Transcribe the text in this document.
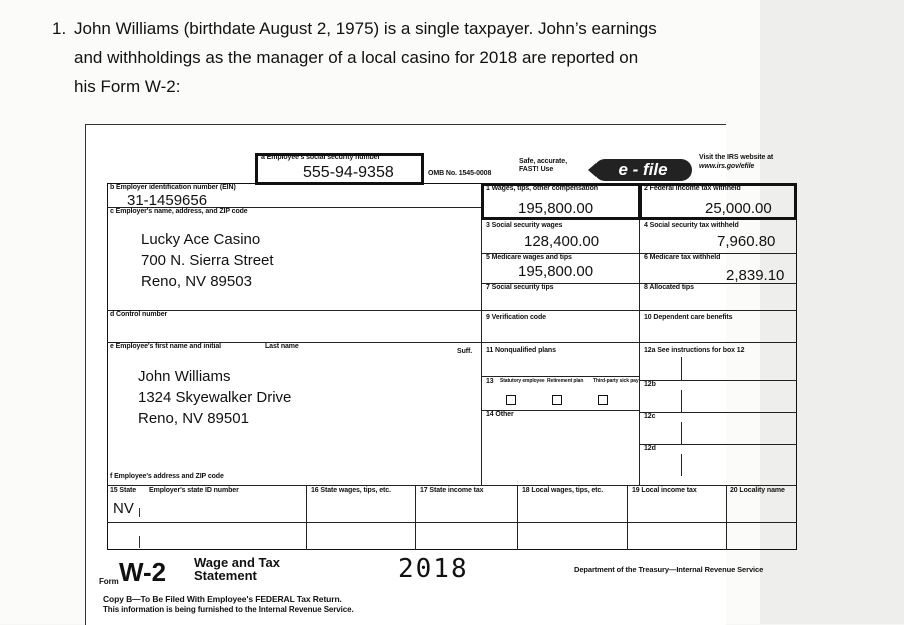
1. John Williams (birthdate August 2, 1975) is a single taxpayer. John’s earnings
and withholdings as the manager of a local casino for 2018 are reported on
his Form W-2:
a Employee's social security number
555-94-9358	OMB No. 1545-0008
Safe, accurate,
FAST! Use	e - file
Visit the IRS website at
www.irs.gov/efile
b Employer identification number (EIN)
31-1459656
c Employer's name, address, and ZIP code
Lucky Ace Casino
700 N. Sierra Street
Reno, NV 89503
d Control number
e Employee's first name and initial	Last name
Suff.
John Williams
1324 Skyewalker Drive
Reno, NV 89501
f Employee's address and ZIP code
1 Wages, tips, other compensation
195,800.00
3 Social security wages
128,400.00
5 Medicare wages and tips
195,800.00
7 Social security tips
9 Verification code
11 Nonqualified plans
13 Statutory employee Retirement plan Third-party sick pay
14 Other
2 Federal income tax withheld
25,000.00
4 Social security tax withheld
7,960.80
6 Medicare tax withheld
2,839.10
8 Allocated tips
10 Dependent care benefits
12a See instructions for box 12
12b
12c
12d
15 State Employer's state ID number
NV
16 State wages, tips, etc.	17 State income tax	18 Local wages, tips, etc.	19 Local income tax	20 Locality name
Form W-2 Wage and Tax
Statement	2018	Department of the Treasury—Internal Revenue Service
Copy B—To Be Filed With Employee's FEDERAL Tax Return.
This information is being furnished to the Internal Revenue Service.
